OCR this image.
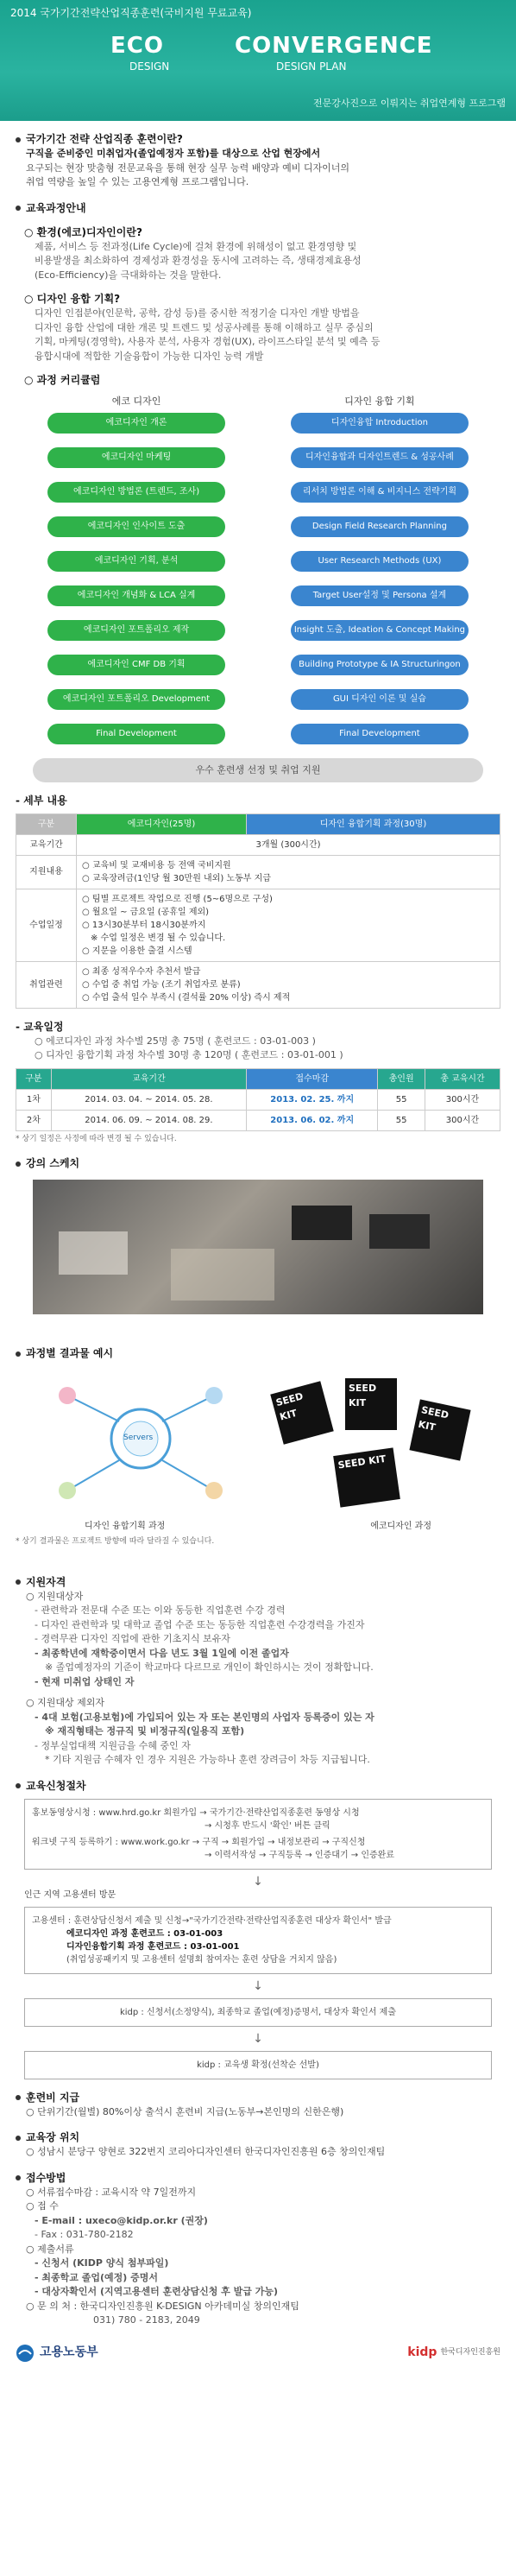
2014 국가기간전략산업직종훈련(국비지원 무료교육)
ECO
DESIGN
CONVERGENCE
DESIGN PLAN
전문강사진으로 이뤄지는 취업연계형 프로그램
국가기간 전략 산업직종 훈련이란?
구직을 준비중인 미취업자(졸업예정자 포함)를 대상으로 산업 현장에서
요구되는 현장 맞춤형 전문교육을 통해 현장 실무 능력 배양과 예비 디자이너의
취업 역량을 높일 수 있는 고용연계형 프로그램입니다.
교육과정안내
○ 환경(에코)디자인이란?
제품, 서비스 등 전과정(Life Cycle)에 걸쳐 환경에 위해성이 없고 환경영향 및
비용발생을 최소화하여 경제성과 환경성을 동시에 고려하는 즉, 생태경제효용성
(Eco-Efficiency)을 극대화하는 것을 말한다.
○ 디자인 융합 기획?
디자인 인접분야(인문학, 공학, 감성 등)를 중시한 적정기술 디자인 개발 방법을
디자인 융합 산업에 대한 개론 및 트렌드 및 성공사례를 통해 이해하고 실무 중심의
기획, 마케팅(경영학), 사용자 분석, 사용자 경험(UX), 라이프스타일 분석 및 예측 등
융합시대에 적합한 기술융합이 가능한 디자인 능력 개발
○ 과정 커리큘럼
에코 디자인
에코디자인 개론
에코디자인 마케팅
에코디자인 방법론 (트렌드, 조사)
에코디자인 인사이트 도출
에코디자인 기획, 분석
에코디자인 개념화 & LCA 실계
에코디자인 포트폴리오 제작
에코디자인 CMF DB 기획
에코디자인 포트폴리오 Development
Final Development
디자인 융합 기획
디자인융합 Introduction
디자인융합과 디자인트렌드 & 성공사례
리서치 방법론 이해 & 비지니스 전략기획
Design Field Research Planning
User Research Methods (UX)
Target User설정 및 Persona 설계
Insight 도출, Ideation & Concept Making
Building Prototype & IA Structuringon
GUI 디자인 이론 및 실습
Final Development
우수 훈련생 선정 및 취업 지원
- 세부 내용
구분	에코디자인(25명)	디자인 융합기획 과정(30명)
교육기간	3개월 (300시간)	
지원내용	○ 교육비 및 교재비용 등 전액 국비지원
○ 교육장려금(1인당 월 30만원 내외) 노동부 지급	

수업일정	○ 팀별 프로젝트 작업으로 진행 (5~6명으로 구성)
○ 월요일 ~ 금요일 (공휴일 제외)
○ 13시30분부터 18시30분까지
※ 수업 일정은 변경 될 수 있습니다.
○ 지문을 이용한 출결 시스템	

취업관련	○ 최종 성적우수자 추천서 발급
○ 수업 중 취업 가능 (조기 취업자로 분류)
○ 수업 출석 일수 부족시 (결석률 20% 이상) 즉시 제적	
- 교육일정
○ 에코디자인 과정 차수별 25명 총 75명 ( 훈련코드 : 03-01-003 )
○ 디자인 융합기획 과정 차수별 30명 총 120명 ( 훈련코드 : 03-01-001 )
구분	교육기간	접수마감	총인원	총 교육시간
1차	2014. 03. 04. ~ 2014. 05. 28.	2013. 02. 25. 까지	55	300시간
2차	2014. 06. 09. ~ 2014. 08. 29.	2013. 06. 02. 까지	55	300시간
* 상기 일정은 사정에 따라 변경 될 수 있습니다.
강의 스케치
과정별 결과물 예시
Servers
SEED KIT
SEED KIT
SEED KIT
SEED KIT
디자인 융합기획 과정	에코디자인 과정
* 상기 결과물은 프로젝트 방향에 따라 달라질 수 있습니다.
지원자격
○ 지원대상자
- 관련학과 전문대 수준 또는 이와 동등한 직업훈련 수강 경력
- 디자인 관련학과 및 대학교 졸업 수준 또는 동등한 직업훈련 수강경력을 가진자
- 경력무관 디자인 직업에 관한 기초지식 보유자
- 최종학년에 재학중이면서 다음 년도 3월 1일에 이전 졸업자
※ 졸업예정자의 기준이 학교마다 다르므로 개인이 확인하시는 것이 정확합니다.
- 현재 미취업 상태인 자
○ 지원대상 제외자
- 4대 보험(고용보험)에 가입되어 있는 자 또는 본인명의 사업자 등록증이 있는 자
※ 재직형태는 정규직 및 비정규직(일용직 포함)
- 정부실업대책 지원금을 수혜 중인 자
* 기타 지원금 수혜자 인 경우 지원은 가능하나 훈련 장려금이 차등 지급됩니다.
교육신청절차
홍보동영상시청 : www.hrd.go.kr 회원가입 → 국가기간·전략산업직종훈련 동영상 시청
→ 시청후 반드시 '확인' 버튼 클릭
워크넷 구직 등록하기 : www.work.go.kr → 구직 → 회원가입 → 내정보관리 → 구직신청
→ 이력서작성 → 구직등록 → 인증대기 → 인증완료
↓
인근 지역 고용센터 방문
고용센터 : 훈련상담신청서 제출 및 신청→"국가기간전략·전략산업직종훈련 대상자 확인서" 발급
에코디자인 과정 훈련코드 : 03-01-003
디자인융합기획 과정 훈련코드 : 03-01-001
(취업성공패키지 및 고용센터 설명회 참여자는 훈련 상담을 거치지 않음)
↓
kidp : 신청서(소정양식), 최종학교 졸업(예정)증명서, 대상자 확인서 제출
↓
kidp : 교육생 확정(선착순 선발)
훈련비 지급
○ 단위기간(월별) 80%이상 출석시 훈련비 지급(노동부→본인명의 신한은행)
교육장 위치
○ 성남시 분당구 양현로 322번지 코리아디자인센터 한국디자인진흥원 6층 창의인재팀
접수방법
○ 서류접수마감 : 교육시작 약 7일전까지
○ 접 수
- E-mail : uxeco@kidp.or.kr (권장)
- Fax : 031-780-2182
○ 제출서류
- 신청서 (KIDP 양식 첨부파일)
- 최종학교 졸업(예정) 증명서
- 대상자확인서 (지역고용센터 훈련상담신청 후 발급 가능)
○ 문 의 처 : 한국디자인진흥원 K-DESIGN 아카데미실 창의인재팀
031) 780 - 2183, 2049
고용노동부	kidp 한국디자인진흥원
